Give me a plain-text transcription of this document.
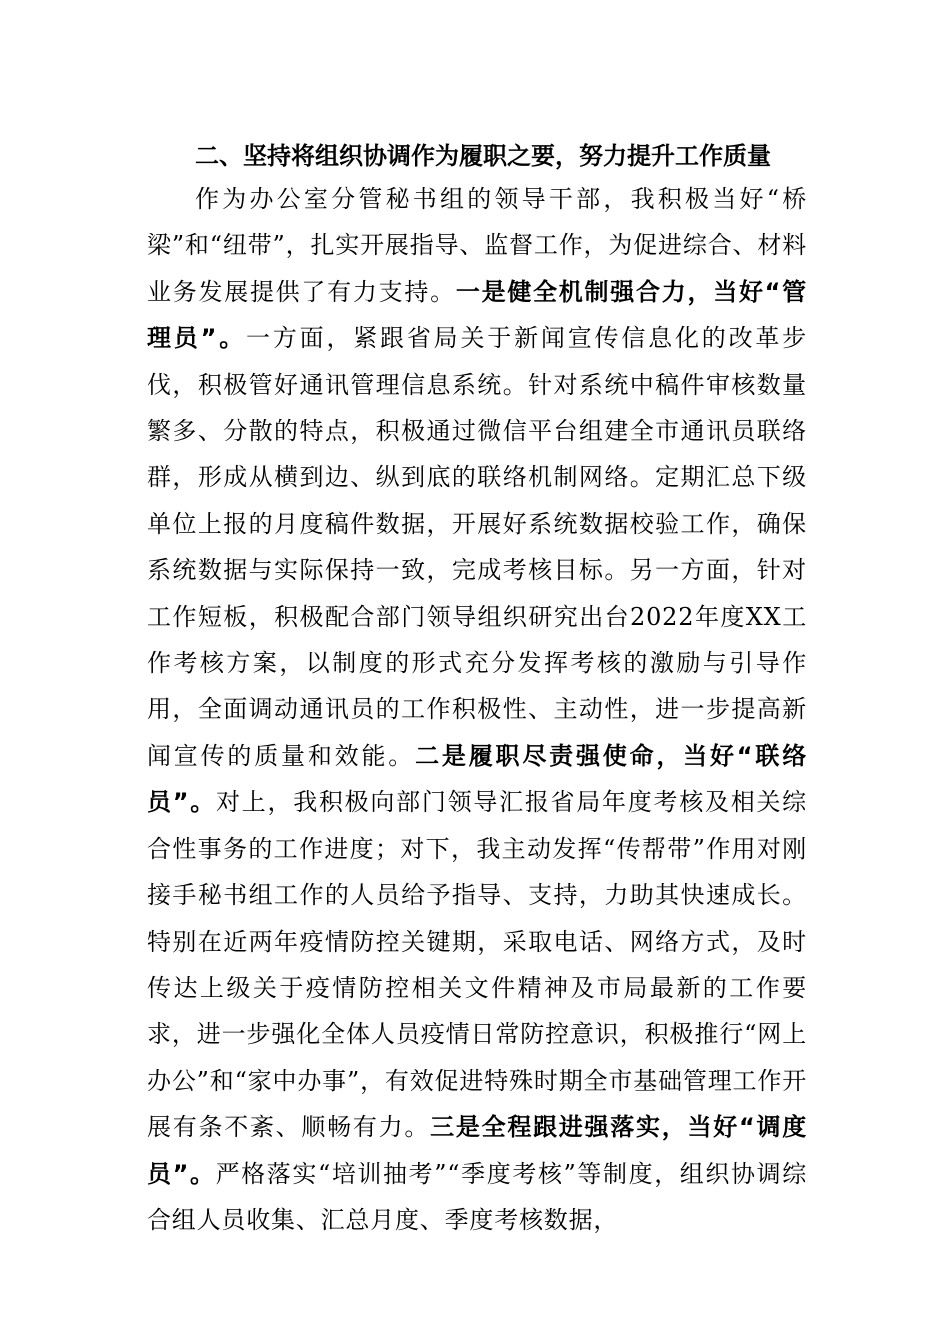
二、坚持将组织协调作为履职之要，努力提升工作质量

作为办公室分管秘书组的领导干部，我积极当好“桥梁”和“纽带”，扎实开展指导、监督工作，为促进综合、材料业务发展提供了有力支持。一是健全机制强合力，当好“管理员”。一方面，紧跟省局关于新闻宣传信息化的改革步伐，积极管好通讯管理信息系统。针对系统中稿件审核数量繁多、分散的特点，积极通过微信平台组建全市通讯员联络群，形成从横到边、纵到底的联络机制网络。定期汇总下级单位上报的月度稿件数据，开展好系统数据校验工作，确保系统数据与实际保持一致，完成考核目标。另一方面，针对工作短板，积极配合部门领导组织研究出台2022年度XX工作考核方案，以制度的形式充分发挥考核的激励与引导作用，全面调动通讯员的工作积极性、主动性，进一步提高新闻宣传的质量和效能。二是履职尽责强使命，当好“联络员”。对上，我积极向部门领导汇报省局年度考核及相关综合性事务的工作进度；对下，我主动发挥“传帮带”作用对刚接手秘书组工作的人员给予指导、支持，力助其快速成长。特别在近两年疫情防控关键期，采取电话、网络方式，及时传达上级关于疫情防控相关文件精神及市局最新的工作要求，进一步强化全体人员疫情日常防控意识，积极推行“网上办公”和“家中办事”，有效促进特殊时期全市基础管理工作开展有条不紊、顺畅有力。三是全程跟进强落实，当好“调度员”。严格落实“培训抽考”“季度考核”等制度，组织协调综合组人员收集、汇总月度、季度考核数据，
